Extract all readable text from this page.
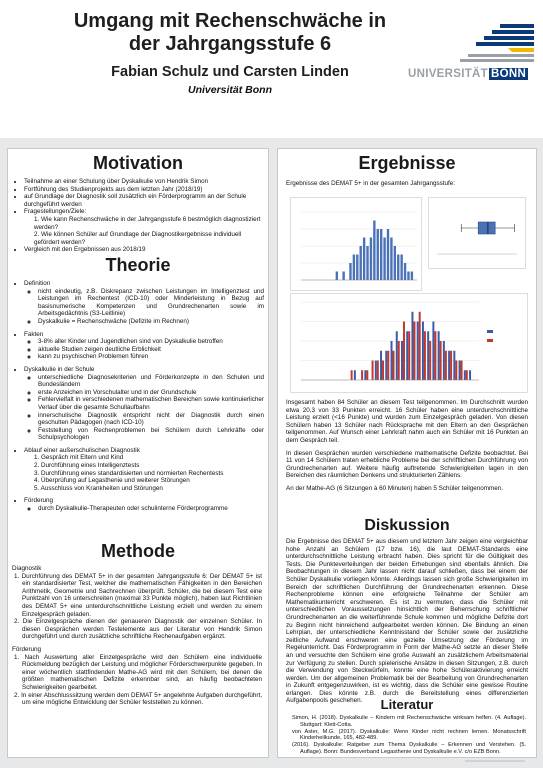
Umgang mit Rechenschwäche in der Jahrgangsstufe 6
Fabian Schulz und Carsten Linden
Universität Bonn
UNIVERSITÄT BONN
Motivation
• Teilnahme an einer Schulung über Dyskalkulie von Hendrik Simon
• Fortführung des Studienprojekts aus dem letzten Jahr (2018/19)
• auf Grundlage der Diagnostik soll zusätzlich ein Förderprogramm an der Schule durchgeführt werden
• Fragestellungen/Ziele:
1. Wie kann Rechenschwäche in der Jahrgangsstufe 6 bestmöglich diagnostiziert werden?
2. Wie können Schüler auf Grundlage der Diagnostikergebnisse individuell gefördert werden?
• Vergleich mit den Ergebnissen aus 2018/19
Theorie
• Definition
◦ nicht eindeutig, z.B. Diskrepanz zwischen Leistungen im Intelligenztest und Leistungen im Rechentest (ICD-10) oder Minderleistung in Bezug auf basisnumerische Kompetenzen und Grundrechenarten sowie im Arbeitsgedächtnis (S3-Leitlinie)
◦ Dyskalkulie = Rechenschwäche (Defizite im Rechnen)
• Fakten
◦ 3-8% aller Kinder und Jugendlichen sind von Dyskalkulie betroffen
◦ aktuelle Studien zeigen deutliche Erblichkeit
◦ kann zu psychischen Problemen führen
• Dyskalkulie in der Schule
◦ unterschiedliche Diagnosekriterien und Förderkonzepte in den Schulen und Bundesländern
◦ erste Anzeichen im Vorschulalter und in der Grundschule
◦ Fehlervielfalt in verschiedenen mathematischen Bereichen sowie kontinuierlicher Verlauf über die gesamte Schullaufbahn
◦ innerschulische Diagnostik entspricht nicht der Diagnostik durch einen geschulten Pädagogen (nach ICD-10)
◦ Feststellung von Rechenproblemen bei Schülern durch Lehrkräfte oder Schulpsychologen
• Ablauf einer außerschulischen Diagnostik
1. Gespräch mit Eltern und Kind
2. Durchführung eines Intelligenztests
3. Durchführung eines standardisierten und normierten Rechentests
4. Überprüfung auf Legasthenie und weiterer Störungen
5. Ausschluss von Krankheiten und Störungen
• Förderung
◦ durch Dyskalkulie-Therapeuten oder schulinterne Förderprogramme
Methode
Diagnostik
1. Durchführung des DEMAT 5+ in der gesamten Jahrgangsstufe 6: Der DEMAT 5+ ist ein standardisierter Test, welcher die mathematischen Fähigkeiten in den Bereichen Arithmetik, Geometrie und Sachrechnen überprüft. Schüler, die bei diesem Test eine Punktzahl von 16 unterschreiten (maximal 33 Punkte möglich), haben laut Richtlinien des DEMAT 5+ eine unterdurchschnittliche Leistung erzielt und werden zu einem Einzelgespräch geladen.
2. Die Einzelgespräche dienen der genaueren Diagnostik der einzelnen Schüler. In diesen Gesprächen werden Testelemente aus der Literatur von Hendrik Simon durchgeführt und durch zusätzliche schriftliche Rechenaufgaben ergänzt.
Förderung
1. Nach Auswertung aller Einzelgespräche wird den Schülern eine individuelle Rückmeldung bezüglich der Leistung und möglicher Förderschwerpunkte gegeben. In einer wöchentlich stattfindenden Mathe-AG wird mit den Schülern, bei denen die größten mathematischen Defizite erkennbar sind, an häufig beobachteten Schwierigkeiten gearbeitet.
2. In einer Abschlusssitzung werden dem DEMAT 5+ angelehnte Aufgaben durchgeführt, um eine mögliche Entwicklung der Schüler feststellen zu können.
Ergebnisse
Ergebnisse des DEMAT 5+ in der gesamten Jahrgangsstufe:
Insgesamt haben 84 Schüler an diesem Test teilgenommen. Im Durchschnitt wurden etwa 20,3 von 33 Punkten erreicht. 16 Schüler haben eine unterdurchschnittliche Leistung erzielt (<16 Punkte) und wurden zum Einzelgespräch geladen. Von diesen Schülern haben 13 Schüler nach Rücksprache mit den Eltern an den Gesprächen teilgenommen. Auf Wunsch einer Lehrkraft nahm auch ein Schüler mit 16 Punkten an dem Gespräch teil.
In diesen Gesprächen wurden verschiedene mathematische Defizite beobachtet. Bei 11 von 14 Schülern traten erhebliche Probleme bei der schriftlichen Durchführung von Grundrechenarten auf. Weitere häufig auftretende Schwierigkeiten lagen in den Bereichen des räumlichen Denkens und strukturierten Zählens.
An der Mathe-AG (6 Sitzungen à 60 Minuten) haben 5 Schüler teilgenommen.
Diskussion
Die Ergebnisse des DEMAT 5+ aus diesem und letztem Jahr zeigen eine vergleichbar hohe Anzahl an Schülern (17 bzw. 16), die laut DEMAT-Standards eine unterdurchschnittliche Leistung erbracht haben. Dies spricht für die Gültigkeit des Tests. Die Punkteverteilungen der beiden Erhebungen sind ebenfalls ähnlich. Die Beobachtungen in diesem Jahr lassen nicht darauf schließen, dass bei einem der Schüler Dyskalkulie vorliegen könnte. Allerdings lassen sich große Schwierigkeiten im Bereich der schriftlichen Durchführung der Grundrechenarten erkennen. Diese Rechenprobleme können eine erfolgreiche Teilnahme der Schüler am Mathematikunterricht erschweren. Es ist zu vermuten, dass die Schüler mit unterschiedlichen Voraussetzungen hinsichtlich der Beherrschung schriftlicher Grundrechenarten an die weiterführende Schule kommen und mögliche Defizite dort zu Beginn nicht hinreichend aufgearbeitet werden können. Die Bindung an einen Lehrplan, der unterschiedliche Kenntnisstand der Schüler sowie der zusätzliche zeitliche Aufwand erschweren eine gezielte Umsetzung der Förderung im Regelunterricht. Das Förderprogramm in Form der Mathe-AG setzte an dieser Stelle an und versuchte den Schülern eine große Auswahl an zusätzlichem Arbeitsmaterial zur Verfügung zu stellen. Durch spielerische Ansätze in diesen Sitzungen, z.B. durch die Verwendung von Steckwürfeln, konnte eine hohe Schüleraktivierung erreicht werden. Um der allgemeinen Problematik bei der Bearbeitung von Grundrechenarten in Zukunft entgegenzuwirken, ist es wichtig, dass die Schüler eine gewisse Routine erlangen. Dies könnte z.B. durch die Bereitstellung eines differenzierten Aufgabenpools geschehen.	Literatur
Simon, H. (2018). Dyskalkulie – Kindern mit Rechenschwäche wirksam helfen. (4. Auflage). Stuttgart: Klett-Cotta.
von Aster, M.G. (2017). Dyskalkulie: Wenn Kinder nicht rechnen lernen. Monatsschrift Kinderheilkunde, 165, 482-489.
(2016). Dyskalkulie: Ratgeber zum Thema Dyskalkulie – Erkennen und Verstehen. (5. Auflage). Bonn: Bundesverband Legasthenie und Dyskalkulie e.V. c/o EZB Bonn.
